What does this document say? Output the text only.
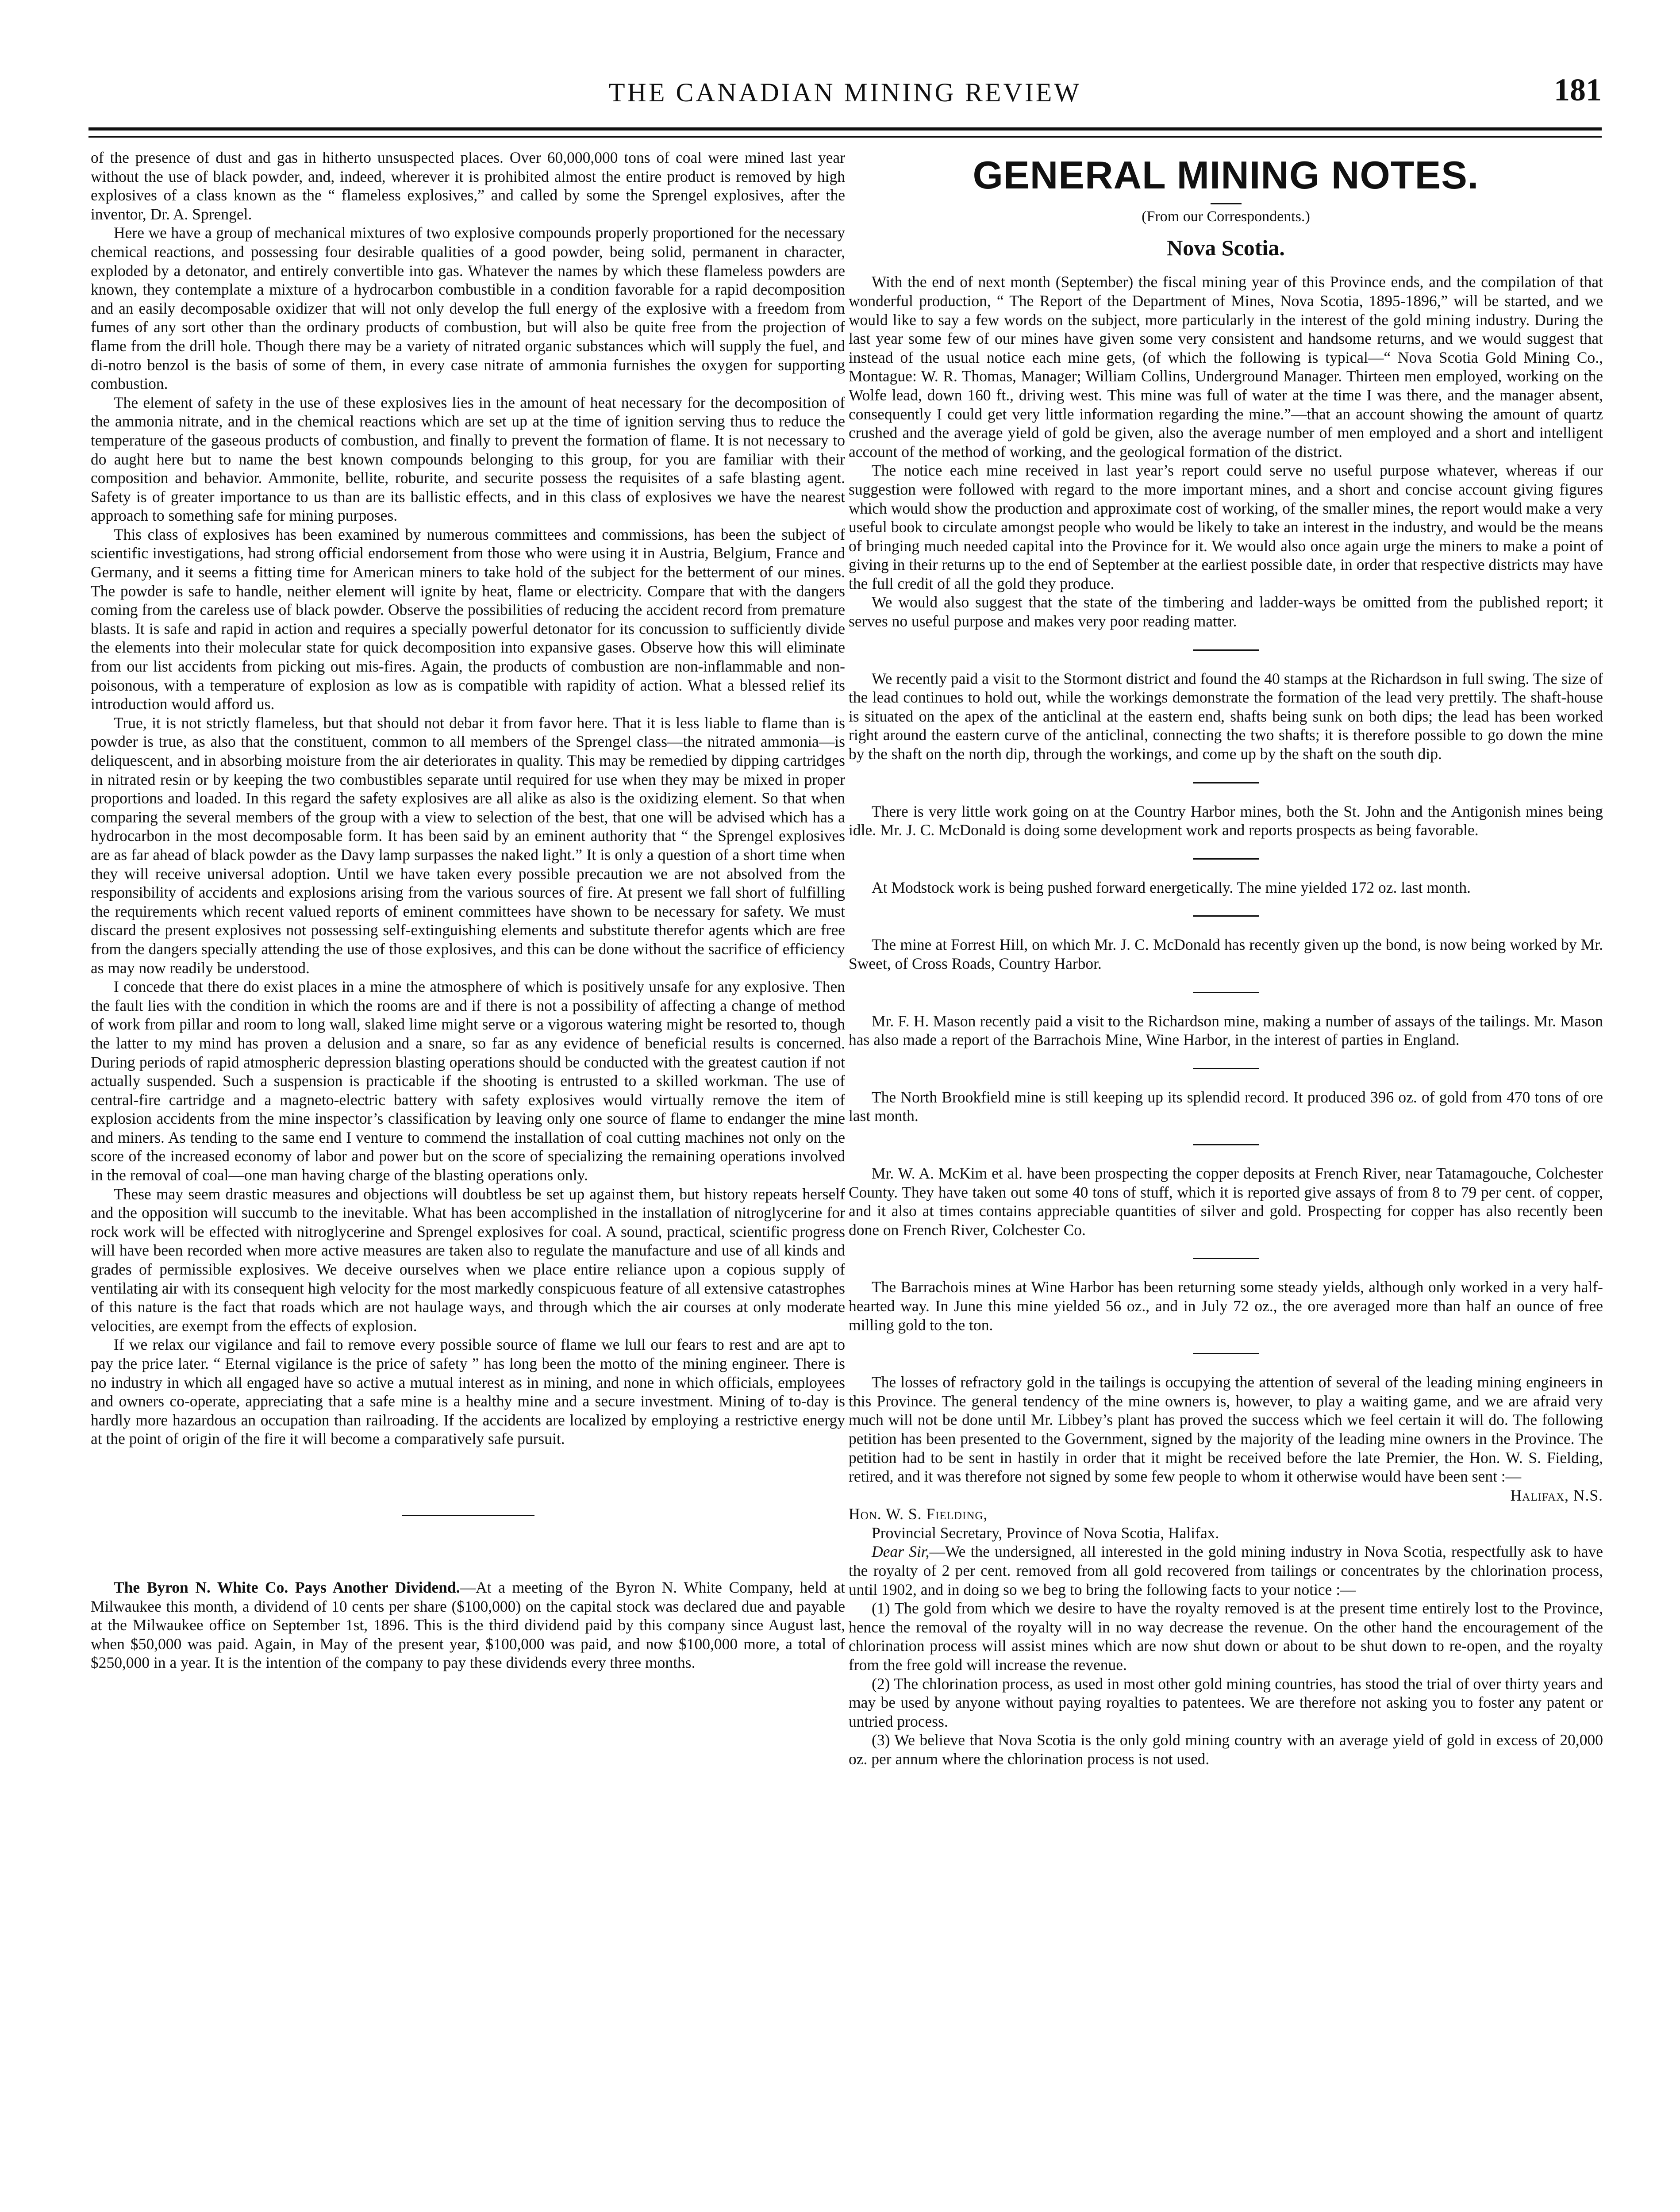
THE CANADIAN MINING REVIEW	181

of the presence of dust and gas in hitherto unsuspected places. Over 60,000,000 tons of coal were mined last year without the use of black powder, and, indeed, wherever it is prohibited almost the entire product is removed by high explosives of a class known as the “ flameless explosives,” and called by some the Sprengel explosives, after the inventor, Dr. A. Sprengel.

Here we have a group of mechanical mixtures of two explosive compounds properly proportioned for the necessary chemical reactions, and possessing four desirable qualities of a good powder, being solid, permanent in character, exploded by a detonator, and entirely convertible into gas. Whatever the names by which these flameless powders are known, they contemplate a mixture of a hydrocarbon combustible in a condition favorable for a rapid decomposition and an easily decomposable oxidizer that will not only develop the full energy of the explosive with a freedom from fumes of any sort other than the ordinary products of combustion, but will also be quite free from the projection of flame from the drill hole. Though there may be a variety of nitrated organic substances which will supply the fuel, and di-notro benzol is the basis of some of them, in every case nitrate of ammonia furnishes the oxygen for supporting combustion.

The element of safety in the use of these explosives lies in the amount of heat necessary for the decomposition of the ammonia nitrate, and in the chemical reactions which are set up at the time of ignition serving thus to reduce the temperature of the gaseous products of combustion, and finally to prevent the formation of flame. It is not necessary to do aught here but to name the best known compounds belonging to this group, for you are familiar with their composition and behavior. Ammonite, bellite, roburite, and securite possess the requisites of a safe blasting agent. Safety is of greater importance to us than are its ballistic effects, and in this class of explosives we have the nearest approach to something safe for mining purposes.

This class of explosives has been examined by numerous committees and commissions, has been the subject of scientific investigations, had strong official endorsement from those who were using it in Austria, Belgium, France and Germany, and it seems a fitting time for American miners to take hold of the subject for the betterment of our mines. The powder is safe to handle, neither element will ignite by heat, flame or electricity. Compare that with the dangers coming from the careless use of black powder. Observe the possibilities of reducing the accident record from premature blasts. It is safe and rapid in action and requires a specially powerful detonator for its concussion to sufficiently divide the elements into their molecular state for quick decomposition into expansive gases. Observe how this will eliminate from our list accidents from picking out mis-fires. Again, the products of combustion are non-inflammable and non-poisonous, with a temperature of explosion as low as is compatible with rapidity of action. What a blessed relief its introduction would afford us.

True, it is not strictly flameless, but that should not debar it from favor here. That it is less liable to flame than is powder is true, as also that the constituent, common to all members of the Sprengel class—the nitrated ammonia—is deliquescent, and in absorbing moisture from the air deteriorates in quality. This may be remedied by dipping cartridges in nitrated resin or by keeping the two combustibles separate until required for use when they may be mixed in proper proportions and loaded. In this regard the safety explosives are all alike as also is the oxidizing element. So that when comparing the several members of the group with a view to selection of the best, that one will be advised which has a hydrocarbon in the most decomposable form. It has been said by an eminent authority that “ the Sprengel explosives are as far ahead of black powder as the Davy lamp surpasses the naked light.” It is only a question of a short time when they will receive universal adoption. Until we have taken every possible precaution we are not absolved from the responsibility of accidents and explosions arising from the various sources of fire. At present we fall short of fulfilling the requirements which recent valued reports of eminent committees have shown to be necessary for safety. We must discard the present explosives not possessing self-extinguishing elements and substitute therefor agents which are free from the dangers specially attending the use of those explosives, and this can be done without the sacrifice of efficiency as may now readily be understood.

I concede that there do exist places in a mine the atmosphere of which is positively unsafe for any explosive. Then the fault lies with the condition in which the rooms are and if there is not a possibility of affecting a change of method of work from pillar and room to long wall, slaked lime might serve or a vigorous watering might be resorted to, though the latter to my mind has proven a delusion and a snare, so far as any evidence of beneficial results is concerned. During periods of rapid atmospheric depression blasting operations should be conducted with the greatest caution if not actually suspended. Such a suspension is practicable if the shooting is entrusted to a skilled workman. The use of central-fire cartridge and a magneto-electric battery with safety explosives would virtually remove the item of explosion accidents from the mine inspector’s classification by leaving only one source of flame to endanger the mine and miners. As tending to the same end I venture to commend the installation of coal cutting machines not only on the score of the increased economy of labor and power but on the score of specializing the remaining operations involved in the removal of coal—one man having charge of the blasting operations only.

These may seem drastic measures and objections will doubtless be set up against them, but history repeats herself and the opposition will succumb to the inevitable. What has been accomplished in the installation of nitroglycerine for rock work will be effected with nitroglycerine and Sprengel explosives for coal. A sound, practical, scientific progress will have been recorded when more active measures are taken also to regulate the manufacture and use of all kinds and grades of permissible explosives. We deceive ourselves when we place entire reliance upon a copious supply of ventilating air with its consequent high velocity for the most markedly conspicuous feature of all extensive catastrophes of this nature is the fact that roads which are not haulage ways, and through which the air courses at only moderate velocities, are exempt from the effects of explosion.

If we relax our vigilance and fail to remove every possible source of flame we lull our fears to rest and are apt to pay the price later. “ Eternal vigilance is the price of safety ” has long been the motto of the mining engineer. There is no industry in which all engaged have so active a mutual interest as in mining, and none in which officials, employees and owners co-operate, appreciating that a safe mine is a healthy mine and a secure investment. Mining of to-day is hardly more hazardous an occupation than railroading. If the accidents are localized by employing a restrictive energy at the point of origin of the fire it will become a comparatively safe pursuit.

The Byron N. White Co. Pays Another Dividend.—At a meeting of the Byron N. White Company, held at Milwaukee this month, a dividend of 10 cents per share ($100,000) on the capital stock was declared due and payable at the Milwaukee office on September 1st, 1896. This is the third dividend paid by this company since August last, when $50,000 was paid. Again, in May of the present year, $100,000 was paid, and now $100,000 more, a total of $250,000 in a year. It is the intention of the company to pay these dividends every three months.

GENERAL MINING NOTES.
(From our Correspondents.)
Nova Scotia.

With the end of next month (September) the fiscal mining year of this Province ends, and the compilation of that wonderful production, “ The Report of the Department of Mines, Nova Scotia, 1895-1896,” will be started, and we would like to say a few words on the subject, more particularly in the interest of the gold mining industry. During the last year some few of our mines have given some very consistent and handsome returns, and we would suggest that instead of the usual notice each mine gets, (of which the following is typical—“ Nova Scotia Gold Mining Co., Montague: W. R. Thomas, Manager; William Collins, Underground Manager. Thirteen men employed, working on the Wolfe lead, down 160 ft., driving west. This mine was full of water at the time I was there, and the manager absent, consequently I could get very little information regarding the mine.”—that an account showing the amount of quartz crushed and the average yield of gold be given, also the average number of men employed and a short and intelligent account of the method of working, and the geological formation of the district.

The notice each mine received in last year’s report could serve no useful purpose whatever, whereas if our suggestion were followed with regard to the more important mines, and a short and concise account giving figures which would show the production and approximate cost of working, of the smaller mines, the report would make a very useful book to circulate amongst people who would be likely to take an interest in the industry, and would be the means of bringing much needed capital into the Province for it. We would also once again urge the miners to make a point of giving in their returns up to the end of September at the earliest possible date, in order that respective districts may have the full credit of all the gold they produce.

We would also suggest that the state of the timbering and ladder-ways be omitted from the published report; it serves no useful purpose and makes very poor reading matter.

We recently paid a visit to the Stormont district and found the 40 stamps at the Richardson in full swing. The size of the lead continues to hold out, while the workings demonstrate the formation of the lead very prettily. The shaft-house is situated on the apex of the anticlinal at the eastern end, shafts being sunk on both dips; the lead has been worked right around the eastern curve of the anticlinal, connecting the two shafts; it is therefore possible to go down the mine by the shaft on the north dip, through the workings, and come up by the shaft on the south dip.

There is very little work going on at the Country Harbor mines, both the St. John and the Antigonish mines being idle. Mr. J. C. McDonald is doing some development work and reports prospects as being favorable.

At Modstock work is being pushed forward energetically. The mine yielded 172 oz. last month.

The mine at Forrest Hill, on which Mr. J. C. McDonald has recently given up the bond, is now being worked by Mr. Sweet, of Cross Roads, Country Harbor.

Mr. F. H. Mason recently paid a visit to the Richardson mine, making a number of assays of the tailings. Mr. Mason has also made a report of the Barrachois Mine, Wine Harbor, in the interest of parties in England.

The North Brookfield mine is still keeping up its splendid record. It produced 396 oz. of gold from 470 tons of ore last month.

Mr. W. A. McKim et al. have been prospecting the copper deposits at French River, near Tatamagouche, Colchester County. They have taken out some 40 tons of stuff, which it is reported give assays of from 8 to 79 per cent. of copper, and it also at times contains appreciable quantities of silver and gold. Prospecting for copper has also recently been done on French River, Colchester Co.

The Barrachois mines at Wine Harbor has been returning some steady yields, although only worked in a very half-hearted way. In June this mine yielded 56 oz., and in July 72 oz., the ore averaged more than half an ounce of free milling gold to the ton.

The losses of refractory gold in the tailings is occupying the attention of several of the leading mining engineers in this Province. The general tendency of the mine owners is, however, to play a waiting game, and we are afraid very much will not be done until Mr. Libbey’s plant has proved the success which we feel certain it will do. The following petition has been presented to the Government, signed by the majority of the leading mine owners in the Province. The petition had to be sent in hastily in order that it might be received before the late Premier, the Hon. W. S. Fielding, retired, and it was therefore not signed by some few people to whom it otherwise would have been sent :—

Halifax, N.S.

Hon. W. S. Fielding,

Provincial Secretary, Province of Nova Scotia, Halifax.

Dear Sir,—We the undersigned, all interested in the gold mining industry in Nova Scotia, respectfully ask to have the royalty of 2 per cent. removed from all gold recovered from tailings or concentrates by the chlorination process, until 1902, and in doing so we beg to bring the following facts to your notice :—

(1) The gold from which we desire to have the royalty removed is at the present time entirely lost to the Province, hence the removal of the royalty will in no way decrease the revenue. On the other hand the encouragement of the chlorination process will assist mines which are now shut down or about to be shut down to re-open, and the royalty from the free gold will increase the revenue.

(2) The chlorination process, as used in most other gold mining countries, has stood the trial of over thirty years and may be used by anyone without paying royalties to patentees. We are therefore not asking you to foster any patent or untried process.

(3) We believe that Nova Scotia is the only gold mining country with an average yield of gold in excess of 20,000 oz. per annum where the chlorination process is not used.
